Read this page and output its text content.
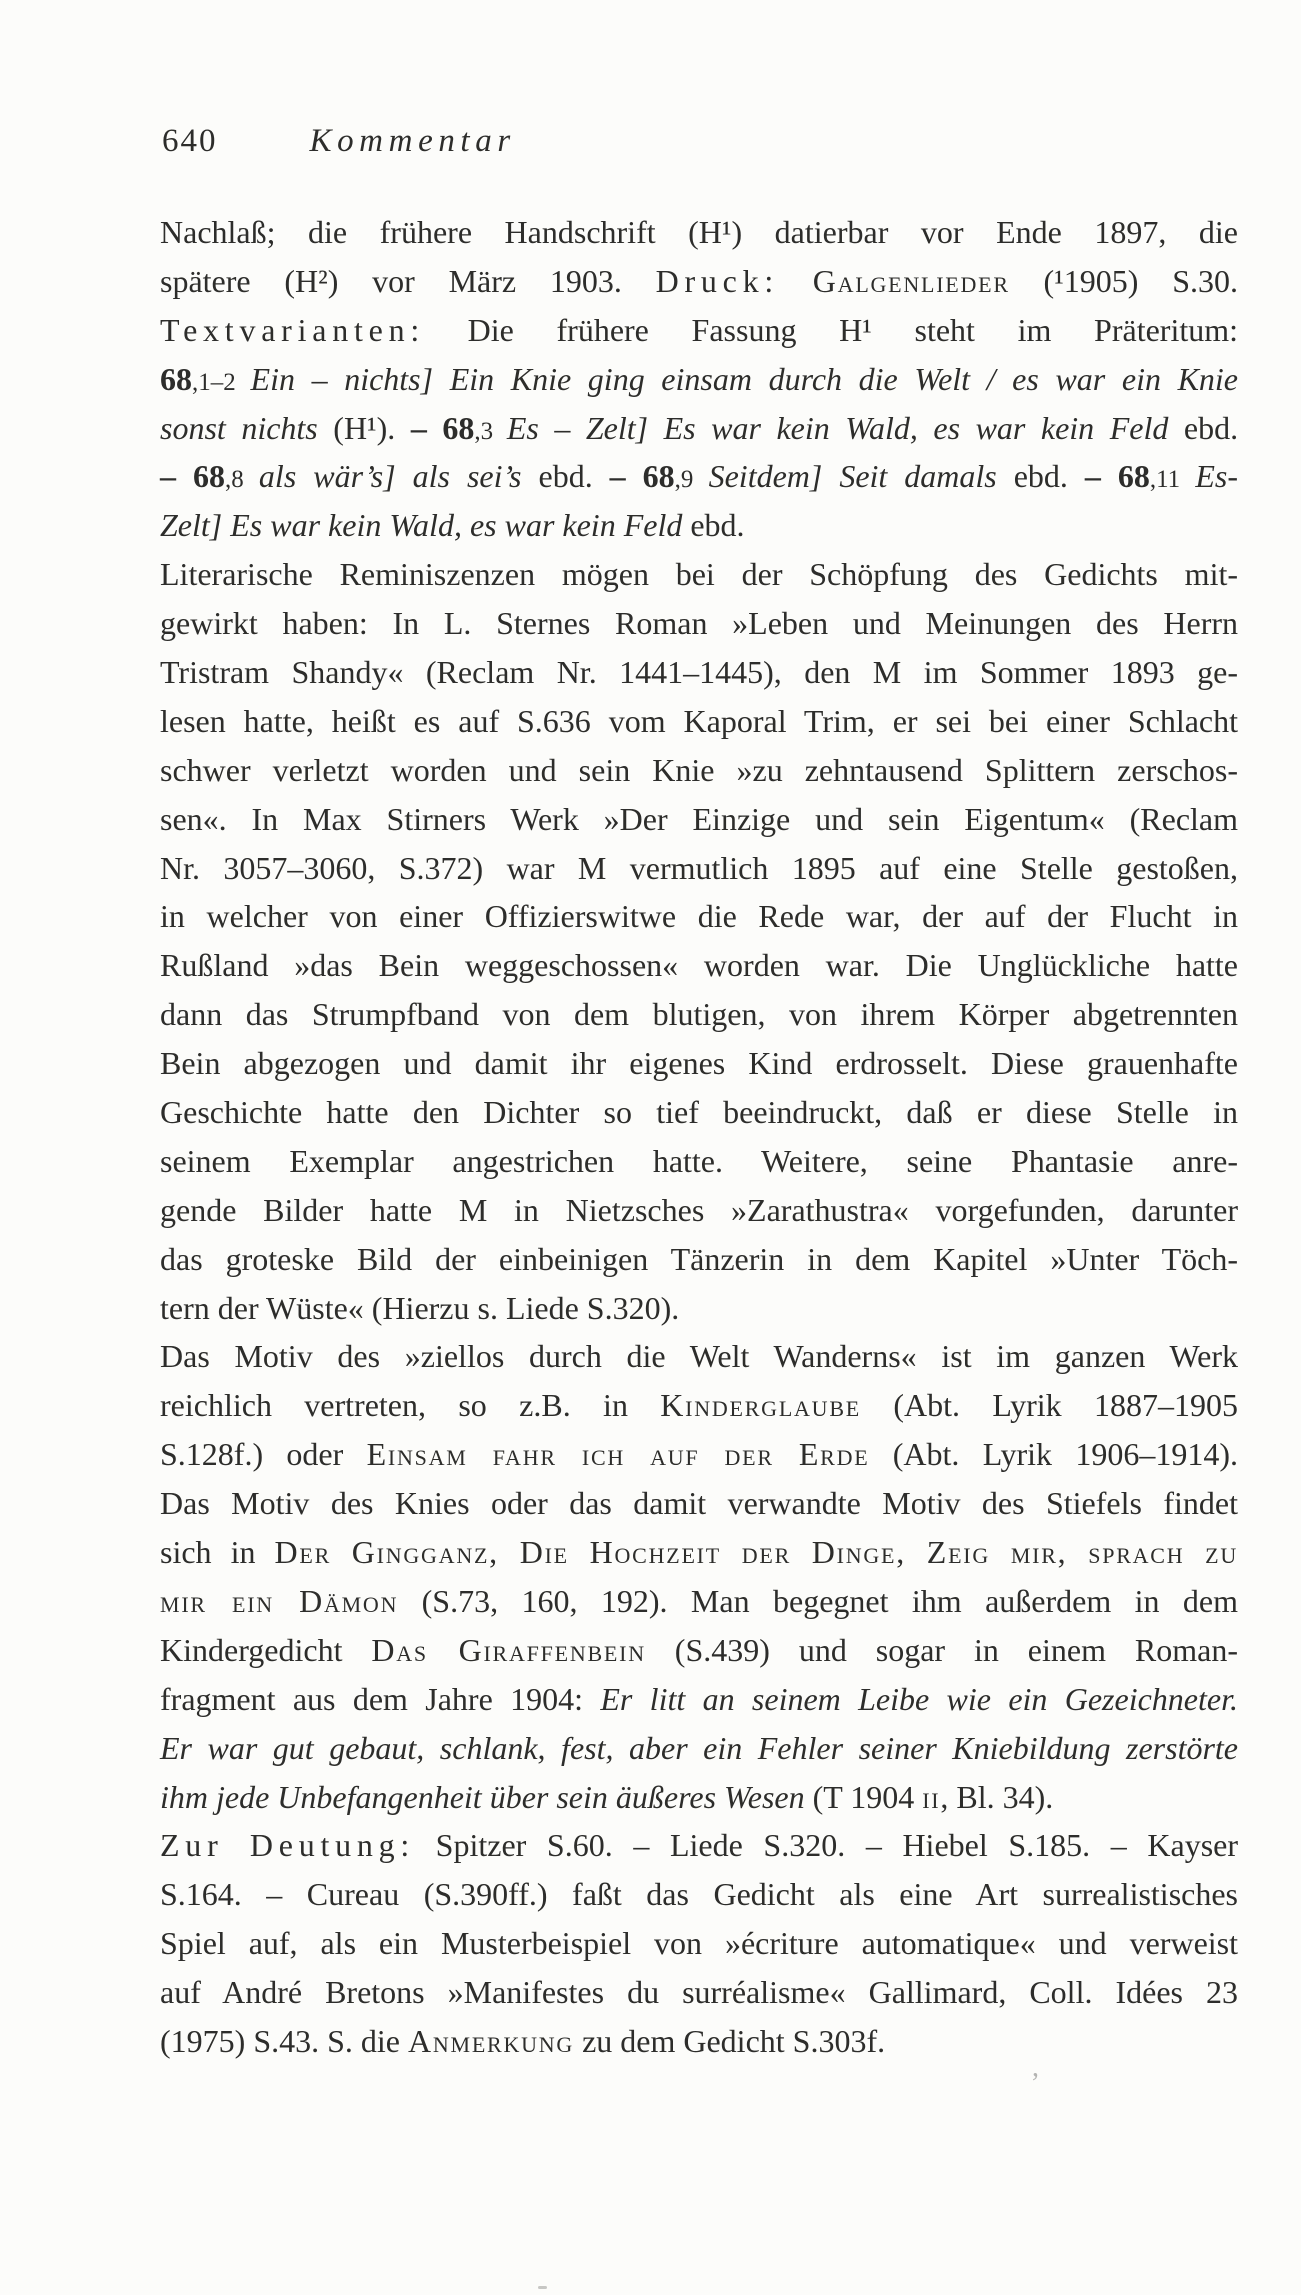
640	Kommentar
Nachlaß; die frühere Handschrift (H¹) datierbar vor Ende 1897, die
spätere (H²) vor März 1903. Druck: Galgenlieder (¹1905) S.30.
Textvarianten: Die frühere Fassung H¹ steht im Präteritum:
68,1–2 Ein – nichts] Ein Knie ging einsam durch die Welt / es war ein Knie
sonst nichts (H¹). – 68,3 Es – Zelt] Es war kein Wald, es war kein Feld ebd.
– 68,8 als wär’s] als sei’s ebd. – 68,9 Seitdem] Seit damals ebd. – 68,11 Es-
Zelt] Es war kein Wald, es war kein Feld ebd.
Literarische Reminiszenzen mögen bei der Schöpfung des Gedichts mit-
gewirkt haben: In L. Sternes Roman »Leben und Meinungen des Herrn
Tristram Shandy« (Reclam Nr. 1441–1445), den M im Sommer 1893 ge-
lesen hatte, heißt es auf S.636 vom Kaporal Trim, er sei bei einer Schlacht
schwer verletzt worden und sein Knie »zu zehntausend Splittern zerschos-
sen«. In Max Stirners Werk »Der Einzige und sein Eigentum« (Reclam
Nr. 3057–3060, S.372) war M vermutlich 1895 auf eine Stelle gestoßen,
in welcher von einer Offizierswitwe die Rede war, der auf der Flucht in
Rußland »das Bein weggeschossen« worden war. Die Unglückliche hatte
dann das Strumpfband von dem blutigen, von ihrem Körper abgetrennten
Bein abgezogen und damit ihr eigenes Kind erdrosselt. Diese grauenhafte
Geschichte hatte den Dichter so tief beeindruckt, daß er diese Stelle in
seinem Exemplar angestrichen hatte. Weitere, seine Phantasie anre-
gende Bilder hatte M in Nietzsches »Zarathustra« vorgefunden, darunter
das groteske Bild der einbeinigen Tänzerin in dem Kapitel »Unter Töch-
tern der Wüste« (Hierzu s. Liede S.320).
Das Motiv des »ziellos durch die Welt Wanderns« ist im ganzen Werk
reichlich vertreten, so z.B. in Kinderglaube (Abt. Lyrik 1887–1905
S.128f.) oder Einsam fahr ich auf der Erde (Abt. Lyrik 1906–1914).
Das Motiv des Knies oder das damit verwandte Motiv des Stiefels findet
sich in Der Gingganz, Die Hochzeit der Dinge, Zeig mir, sprach zu
mir ein Dämon (S.73, 160, 192). Man begegnet ihm außerdem in dem
Kindergedicht Das Giraffenbein (S.439) und sogar in einem Roman-
fragment aus dem Jahre 1904: Er litt an seinem Leibe wie ein Gezeichneter.
Er war gut gebaut, schlank, fest, aber ein Fehler seiner Kniebildung zerstörte
ihm jede Unbefangenheit über sein äußeres Wesen (T 1904 ii, Bl. 34).
Zur Deutung: Spitzer S.60. – Liede S.320. – Hiebel S.185. – Kayser
S.164. – Cureau (S.390ff.) faßt das Gedicht als eine Art surrealistisches
Spiel auf, als ein Musterbeispiel von »écriture automatique« und verweist
auf André Bretons »Manifestes du surréalisme« Gallimard, Coll. Idées 23
(1975) S.43. S. die Anmerkung zu dem Gedicht S.303f.
,
